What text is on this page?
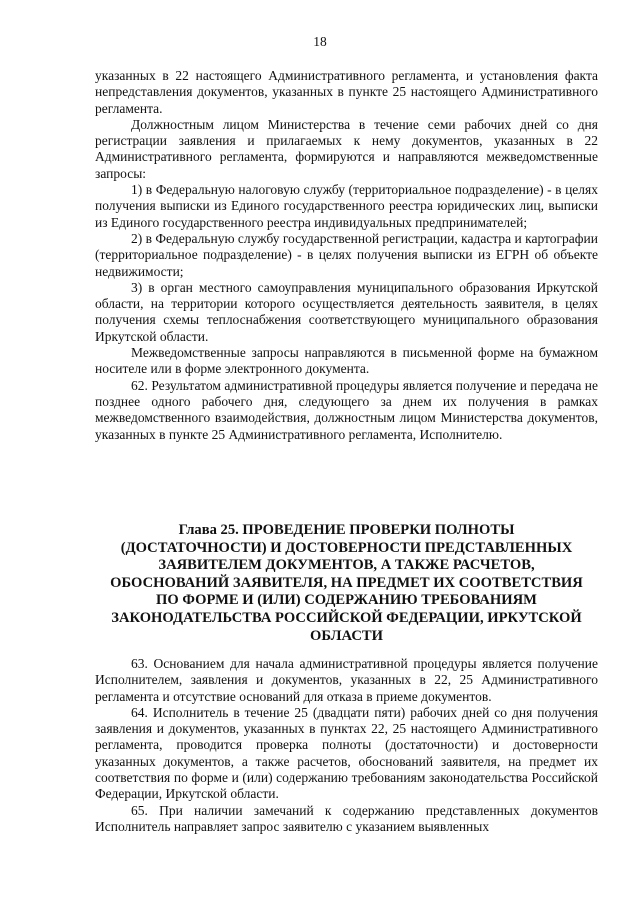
18

указанных в 22 настоящего Административного регламента, и установления факта непредставления документов, указанных в пункте 25 настоящего Административного регламента.

Должностным лицом Министерства в течение семи рабочих дней со дня регистрации заявления и прилагаемых к нему документов, указанных в 22 Административного регламента, формируются и направляются межведомственные запросы:

1) в Федеральную налоговую службу (территориальное подразделение) - в целях получения выписки из Единого государственного реестра юридических лиц, выписки из Единого государственного реестра индивидуальных предпринимателей;

2) в Федеральную службу государственной регистрации, кадастра и картографии (территориальное подразделение) - в целях получения выписки из ЕГРН об объекте недвижимости;

3) в орган местного самоуправления муниципального образования Иркутской области, на территории которого осуществляется деятельность заявителя, в целях получения схемы теплоснабжения соответствующего муниципального образования Иркутской области.

Межведомственные запросы направляются в письменной форме на бумажном носителе или в форме электронного документа.

62. Результатом административной процедуры является получение и передача не позднее одного рабочего дня, следующего за днем их получения в рамках межведомственного взаимодействия, должностным лицом Министерства документов, указанных в пункте 25 Административного регламента, Исполнителю.

Глава 25. ПРОВЕДЕНИЕ ПРОВЕРКИ ПОЛНОТЫ
(ДОСТАТОЧНОСТИ) И ДОСТОВЕРНОСТИ ПРЕДСТАВЛЕННЫХ
ЗАЯВИТЕЛЕМ ДОКУМЕНТОВ, А ТАКЖЕ РАСЧЕТОВ,
ОБОСНОВАНИЙ ЗАЯВИТЕЛЯ, НА ПРЕДМЕТ ИХ СООТВЕТСТВИЯ
ПО ФОРМЕ И (ИЛИ) СОДЕРЖАНИЮ ТРЕБОВАНИЯМ
ЗАКОНОДАТЕЛЬСТВА РОССИЙСКОЙ ФЕДЕРАЦИИ, ИРКУТСКОЙ
ОБЛАСТИ

63. Основанием для начала административной процедуры является получение Исполнителем, заявления и документов, указанных в 22, 25 Административного регламента и отсутствие оснований для отказа в приеме документов.

64. Исполнитель в течение 25 (двадцати пяти) рабочих дней со дня получения заявления и документов, указанных в пунктах 22, 25 настоящего Административного регламента, проводится проверка полноты (достаточности) и достоверности указанных документов, а также расчетов, обоснований заявителя, на предмет их соответствия по форме и (или) содержанию требованиям законодательства Российской Федерации, Иркутской области.

65. При наличии замечаний к содержанию представленных документов Исполнитель направляет запрос заявителю с указанием выявленных
